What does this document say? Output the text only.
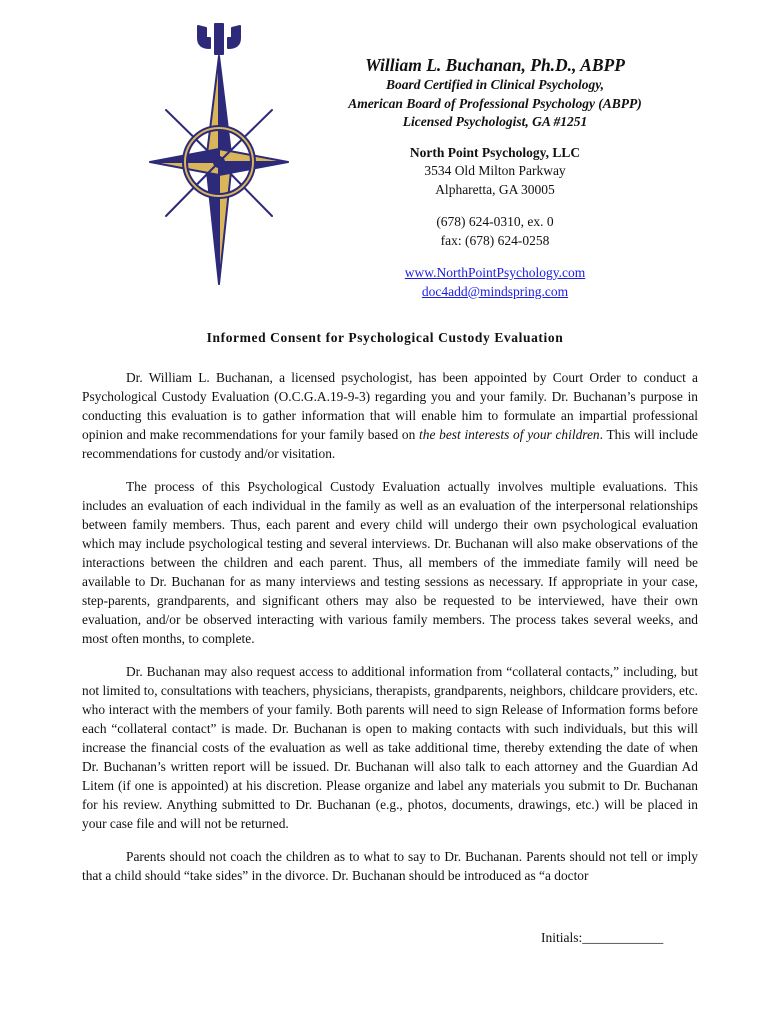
William L. Buchanan, Ph.D., ABPP
Board Certified in Clinical Psychology,
American Board of Professional Psychology (ABPP)
Licensed Psychologist, GA #1251
North Point Psychology, LLC
3534 Old Milton Parkway
Alpharetta, GA 30005
(678) 624-0310, ex. 0
fax: (678) 624-0258
www.NorthPointPsychology.com
doc4add@mindspring.com
Informed Consent for Psychological Custody Evaluation

Dr. William L. Buchanan, a licensed psychologist, has been appointed by Court Order to conduct a Psychological Custody Evaluation (O.C.G.A.19-9-3) regarding you and your family. Dr. Buchanan’s purpose in conducting this evaluation is to gather information that will enable him to formulate an impartial professional opinion and make recommendations for your family based on the best interests of your children. This will include recommendations for custody and/or visitation.

The process of this Psychological Custody Evaluation actually involves multiple evaluations. This includes an evaluation of each individual in the family as well as an evaluation of the interpersonal relationships between family members. Thus, each parent and every child will undergo their own psychological evaluation which may include psychological testing and several interviews. Dr. Buchanan will also make observations of the interactions between the children and each parent. Thus, all members of the immediate family will need be available to Dr. Buchanan for as many interviews and testing sessions as necessary. If appropriate in your case, step-parents, grandparents, and significant others may also be requested to be interviewed, have their own evaluation, and/or be observed interacting with various family members. The process takes several weeks, and most often months, to complete.

Dr. Buchanan may also request access to additional information from “collateral contacts,” including, but not limited to, consultations with teachers, physicians, therapists, grandparents, neighbors, childcare providers, etc. who interact with the members of your family. Both parents will need to sign Release of Information forms before each “collateral contact” is made. Dr. Buchanan is open to making contacts with such individuals, but this will increase the financial costs of the evaluation as well as take additional time, thereby extending the date of when Dr. Buchanan’s written report will be issued. Dr. Buchanan will also talk to each attorney and the Guardian Ad Litem (if one is appointed) at his discretion. Please organize and label any materials you submit to Dr. Buchanan for his review. Anything submitted to Dr. Buchanan (e.g., photos, documents, drawings, etc.) will be placed in your case file and will not be returned.

Parents should not coach the children as to what to say to Dr. Buchanan. Parents should not tell or imply that a child should “take sides” in the divorce. Dr. Buchanan should be introduced as “a doctor

Initials:____________
